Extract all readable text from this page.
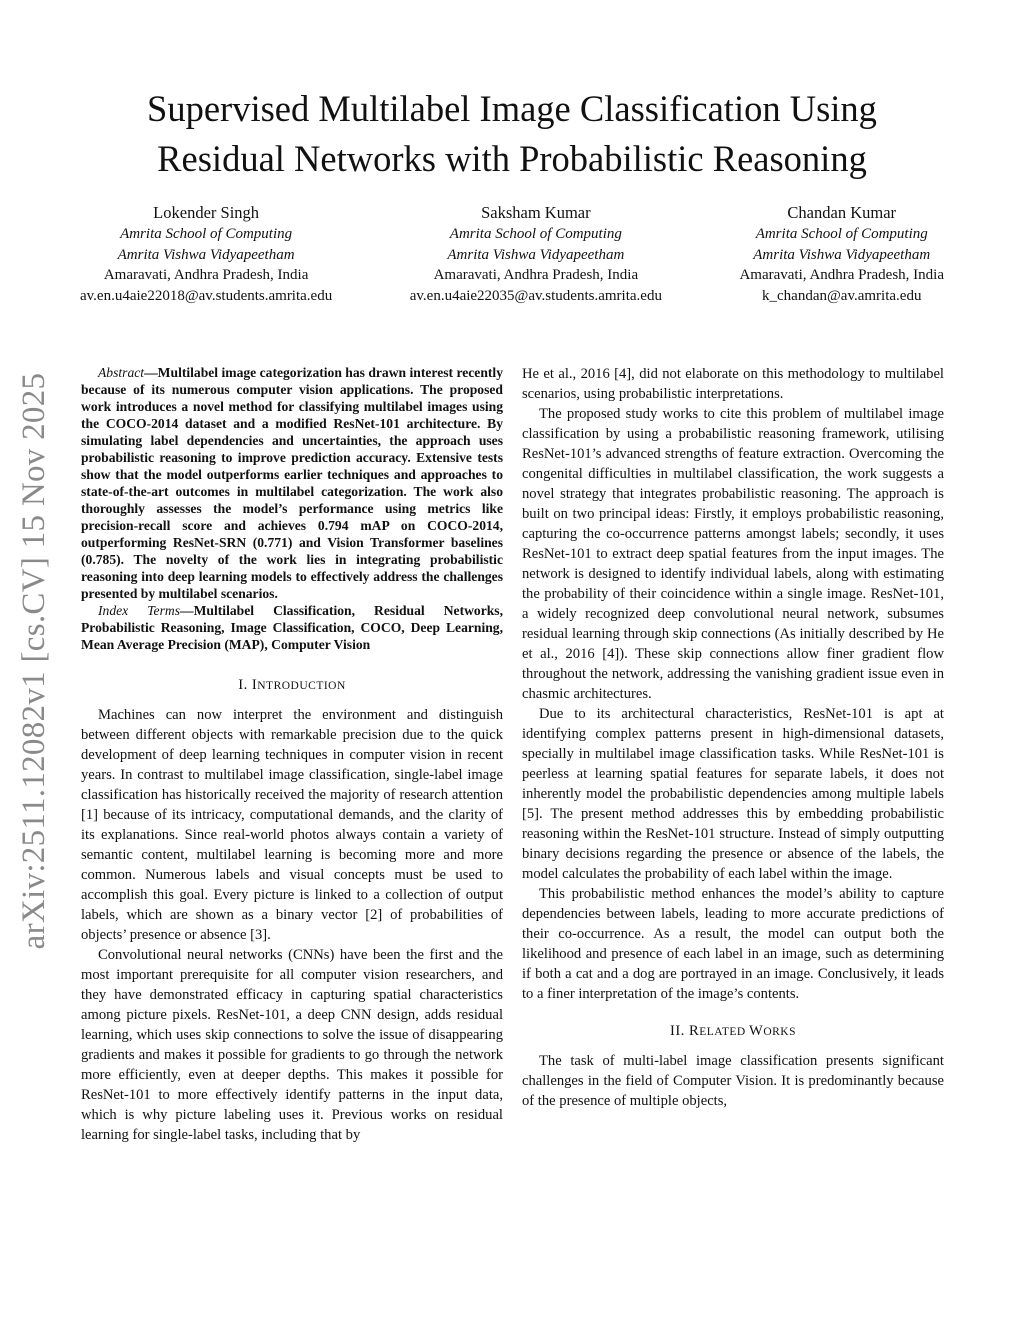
arXiv:2511.12082v1 [cs.CV] 15 Nov 2025
Supervised Multilabel Image Classification Using
Residual Networks with Probabilistic Reasoning
Lokender Singh
Amrita School of Computing
Amrita Vishwa Vidyapeetham
Amaravati, Andhra Pradesh, India
av.en.u4aie22018@av.students.amrita.edu
Saksham Kumar
Amrita School of Computing
Amrita Vishwa Vidyapeetham
Amaravati, Andhra Pradesh, India
av.en.u4aie22035@av.students.amrita.edu
Chandan Kumar
Amrita School of Computing
Amrita Vishwa Vidyapeetham
Amaravati, Andhra Pradesh, India
k_chandan@av.amrita.edu

Abstract—Multilabel image categorization has drawn interest recently because of its numerous computer vision applications. The proposed work introduces a novel method for classifying multilabel images using the COCO-2014 dataset and a modified ResNet-101 architecture. By simulating label dependencies and uncertainties, the approach uses probabilistic reasoning to improve prediction accuracy. Extensive tests show that the model outperforms earlier techniques and approaches to state-of-the-art outcomes in multilabel categorization. The work also thoroughly assesses the model’s performance using metrics like precision-recall score and achieves 0.794 mAP on COCO-2014, outperforming ResNet-SRN (0.771) and Vision Transformer baselines (0.785). The novelty of the work lies in integrating probabilistic reasoning into deep learning models to effectively address the challenges presented by multilabel scenarios.

Index Terms—Multilabel Classification, Residual Networks, Probabilistic Reasoning, Image Classification, COCO, Deep Learning, Mean Average Precision (MAP), Computer Vision

I. INTRODUCTION

Machines can now interpret the environment and distinguish between different objects with remarkable precision due to the quick development of deep learning techniques in computer vision in recent years. In contrast to multilabel image classification, single-label image classification has historically received the majority of research attention [1] because of its intricacy, computational demands, and the clarity of its explanations. Since real-world photos always contain a variety of semantic content, multilabel learning is becoming more and more common. Numerous labels and visual concepts must be used to accomplish this goal. Every picture is linked to a collection of output labels, which are shown as a binary vector [2] of probabilities of objects’ presence or absence [3].

Convolutional neural networks (CNNs) have been the first and the most important prerequisite for all computer vision researchers, and they have demonstrated efficacy in capturing spatial characteristics among picture pixels. ResNet-101, a deep CNN design, adds residual learning, which uses skip connections to solve the issue of disappearing gradients and makes it possible for gradients to go through the network more efficiently, even at deeper depths. This makes it possible for ResNet-101 to more effectively identify patterns in the input data, which is why picture labeling uses it. Previous works on residual learning for single-label tasks, including that by

He et al., 2016 [4], did not elaborate on this methodology to multilabel scenarios, using probabilistic interpretations.

The proposed study works to cite this problem of multilabel image classification by using a probabilistic reasoning framework, utilising ResNet-101’s advanced strengths of feature extraction. Overcoming the congenital difficulties in multilabel classification, the work suggests a novel strategy that integrates probabilistic reasoning. The approach is built on two principal ideas: Firstly, it employs probabilistic reasoning, capturing the co-occurrence patterns amongst labels; secondly, it uses ResNet-101 to extract deep spatial features from the input images. The network is designed to identify individual labels, along with estimating the probability of their coincidence within a single image. ResNet-101, a widely recognized deep convolutional neural network, subsumes residual learning through skip connections (As initially described by He et al., 2016 [4]). These skip connections allow finer gradient flow throughout the network, addressing the vanishing gradient issue even in chasmic architectures.

Due to its architectural characteristics, ResNet-101 is apt at identifying complex patterns present in high-dimensional datasets, specially in multilabel image classification tasks. While ResNet-101 is peerless at learning spatial features for separate labels, it does not inherently model the probabilistic dependencies among multiple labels [5]. The present method addresses this by embedding probabilistic reasoning within the ResNet-101 structure. Instead of simply outputting binary decisions regarding the presence or absence of the labels, the model calculates the probability of each label within the image.

This probabilistic method enhances the model’s ability to capture dependencies between labels, leading to more accurate predictions of their co-occurrence. As a result, the model can output both the likelihood and presence of each label in an image, such as determining if both a cat and a dog are portrayed in an image. Conclusively, it leads to a finer interpretation of the image’s contents.

II. RELATED WORKS

The task of multi-label image classification presents significant challenges in the field of Computer Vision. It is predominantly because of the presence of multiple objects,
